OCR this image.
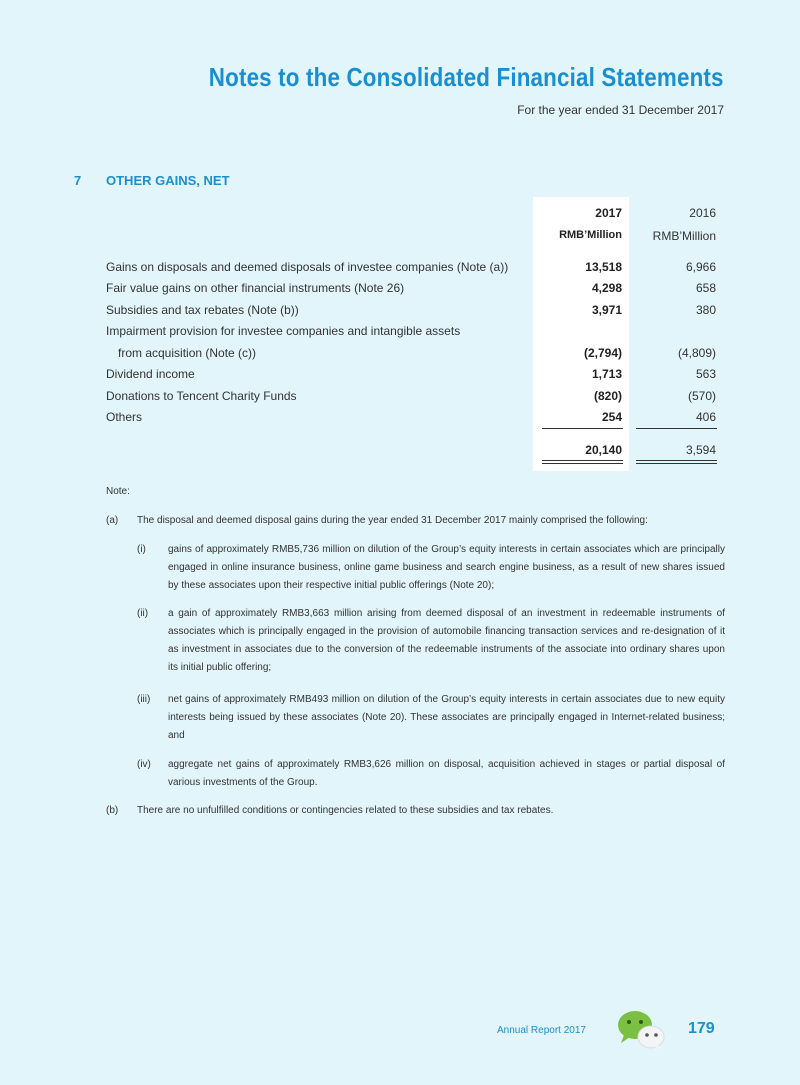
Notes to the Consolidated Financial Statements
For the year ended 31 December 2017
7 OTHER GAINS, NET
2017	2016
RMB’Million	RMB’Million
Gains on disposals and deemed disposals of investee companies (Note (a))	13,518	6,966
Fair value gains on other financial instruments (Note 26)	4,298	658
Subsidies and tax rebates (Note (b))	3,971	380
Impairment provision for investee companies and intangible assets
from acquisition (Note (c))	(2,794)	(4,809)
Dividend income	1,713	563
Donations to Tencent Charity Funds	(820)	(570)
Others	254	406
20,140	3,594
Note:
(a) The disposal and deemed disposal gains during the year ended 31 December 2017 mainly comprised the following:
(i) gains of approximately RMB5,736 million on dilution of the Group’s equity interests in certain associates which are principally engaged in online insurance business, online game business and search engine business, as a result of new shares issued by these associates upon their respective initial public offerings (Note 20);
(ii) a gain of approximately RMB3,663 million arising from deemed disposal of an investment in redeemable instruments of associates which is principally engaged in the provision of automobile financing transaction services and re-designation of it as investment in associates due to the conversion of the redeemable instruments of the associate into ordinary shares upon its initial public offering;
(iii) net gains of approximately RMB493 million on dilution of the Group’s equity interests in certain associates due to new equity interests being issued by these associates (Note 20). These associates are principally engaged in Internet-related business; and
(iv) aggregate net gains of approximately RMB3,626 million on disposal, acquisition achieved in stages or partial disposal of various investments of the Group.
(b) There are no unfulfilled conditions or contingencies related to these subsidies and tax rebates.
Annual Report 2017	179
